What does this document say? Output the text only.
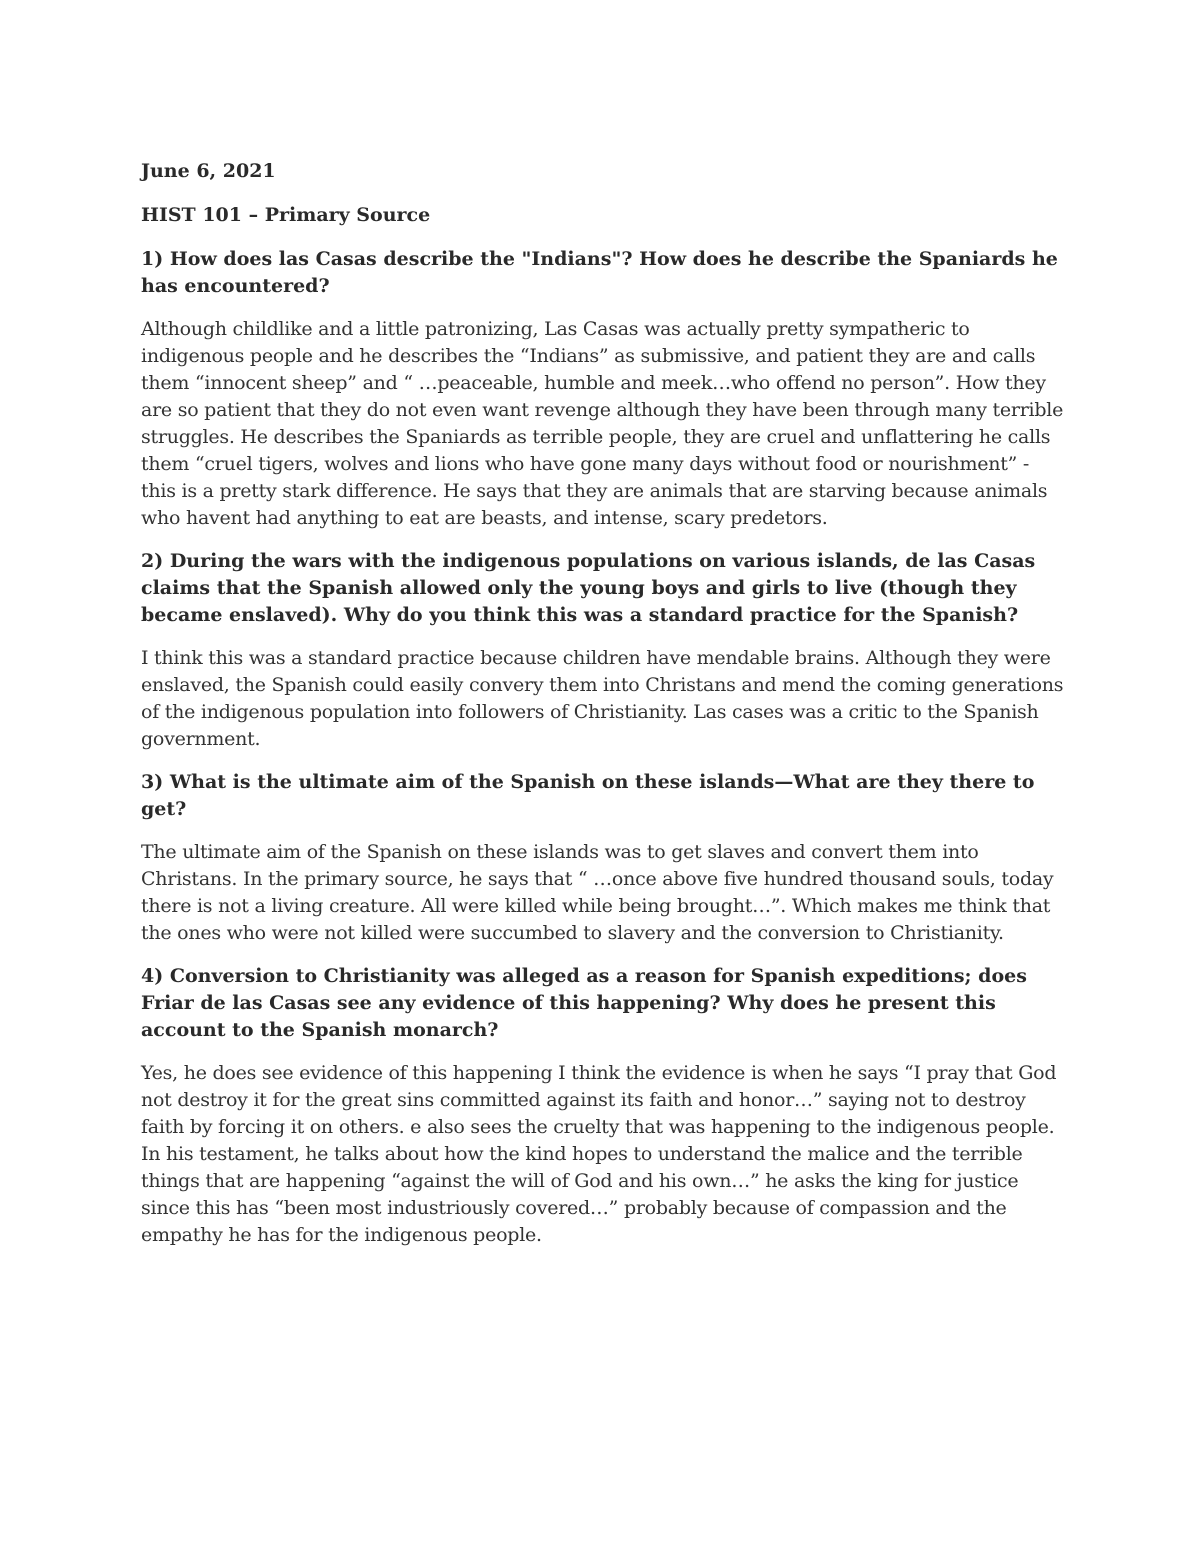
June 6, 2021

HIST 101 – Primary Source

1) How does las Casas describe the "Indians"? How does he describe the Spaniards he has encountered?

Although childlike and a little patronizing, Las Casas was actually pretty sympatheric to indigenous people and he describes the “Indians” as submissive, and patient they are and calls them “innocent sheep” and “ …peaceable, humble and meek…who offend no person”. How they are so patient that they do not even want revenge although they have been through many terrible struggles. He describes the Spaniards as terrible people, they are cruel and unflattering he calls them “cruel tigers, wolves and lions who have gone many days without food or nourishment” - this is a pretty stark difference. He says that they are animals that are starving because animals who havent had anything to eat are beasts, and intense, scary predetors.

2) During the wars with the indigenous populations on various islands, de las Casas claims that the Spanish allowed only the young boys and girls to live (though they became enslaved). Why do you think this was a standard practice for the Spanish?

I think this was a standard practice because children have mendable brains. Although they were enslaved, the Spanish could easily convery them into Christans and mend the coming generations of the indigenous population into followers of Christianity. Las cases was a critic to the Spanish government.

3) What is the ultimate aim of the Spanish on these islands—What are they there to get?

The ultimate aim of the Spanish on these islands was to get slaves and convert them into Christans. In the primary source, he says that “ …once above five hundred thousand souls, today there is not a living creature. All were killed while being brought…”. Which makes me think that the ones who were not killed were succumbed to slavery and the conversion to Christianity.

4) Conversion to Christianity was alleged as a reason for Spanish expeditions; does Friar de las Casas see any evidence of this happening? Why does he present this account to the Spanish monarch?

Yes, he does see evidence of this happening I think the evidence is when he says “I pray that God not destroy it for the great sins committed against its faith and honor…” saying not to destroy faith by forcing it on others. e also sees the cruelty that was happening to the indigenous people. In his testament, he talks about how the kind hopes to understand the malice and the terrible things that are happening “against the will of God and his own…” he asks the king for justice since this has “been most industriously covered…” probably because of compassion and the empathy he has for the indigenous people.
